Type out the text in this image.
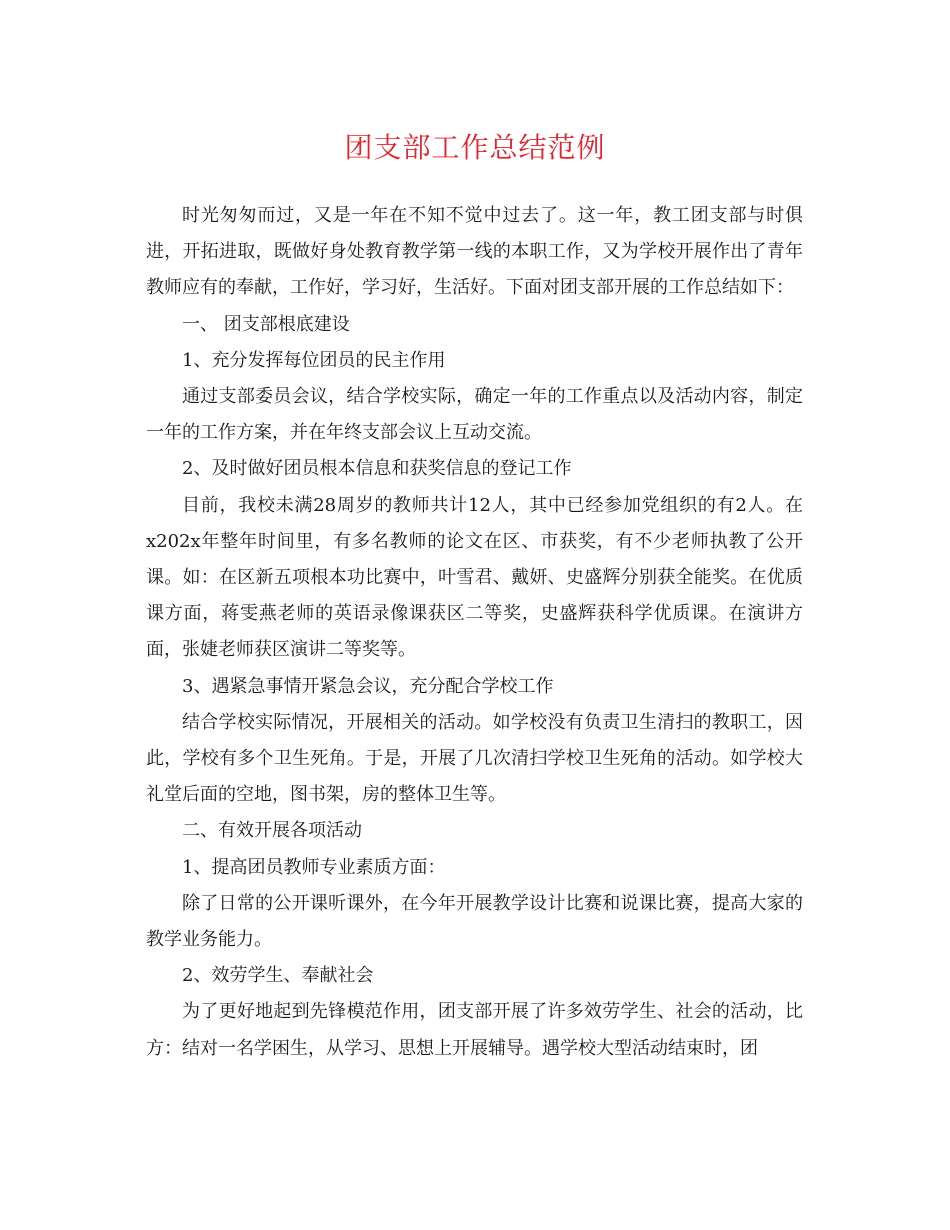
团支部工作总结范例

时光匆匆而过，又是一年在不知不觉中过去了。这一年，教工团支部与时俱进，开拓进取，既做好身处教育教学第一线的本职工作，又为学校开展作出了青年教师应有的奉献，工作好，学习好，生活好。下面对团支部开展的工作总结如下：

一、 团支部根底建设

1、充分发挥每位团员的民主作用

通过支部委员会议，结合学校实际，确定一年的工作重点以及活动内容，制定一年的工作方案，并在年终支部会议上互动交流。

2、及时做好团员根本信息和获奖信息的登记工作

目前，我校未满28周岁的教师共计12人，其中已经参加党组织的有2人。在x202x年整年时间里，有多名教师的论文在区、市获奖，有不少老师执教了公开课。如：在区新五项根本功比赛中，叶雪君、戴妍、史盛辉分别获全能奖。在优质课方面，蒋雯燕老师的英语录像课获区二等奖，史盛辉获科学优质课。在演讲方面，张婕老师获区演讲二等奖等。

3、遇紧急事情开紧急会议，充分配合学校工作

结合学校实际情况，开展相关的活动。如学校没有负责卫生清扫的教职工，因此，学校有多个卫生死角。于是，开展了几次清扫学校卫生死角的活动。如学校大礼堂后面的空地，图书架，房的整体卫生等。

二、有效开展各项活动

1、提高团员教师专业素质方面：

除了日常的公开课听课外，在今年开展教学设计比赛和说课比赛，提高大家的教学业务能力。

2、效劳学生、奉献社会

为了更好地起到先锋模范作用，团支部开展了许多效劳学生、社会的活动，比方：结对一名学困生，从学习、思想上开展辅导。遇学校大型活动结束时，团
